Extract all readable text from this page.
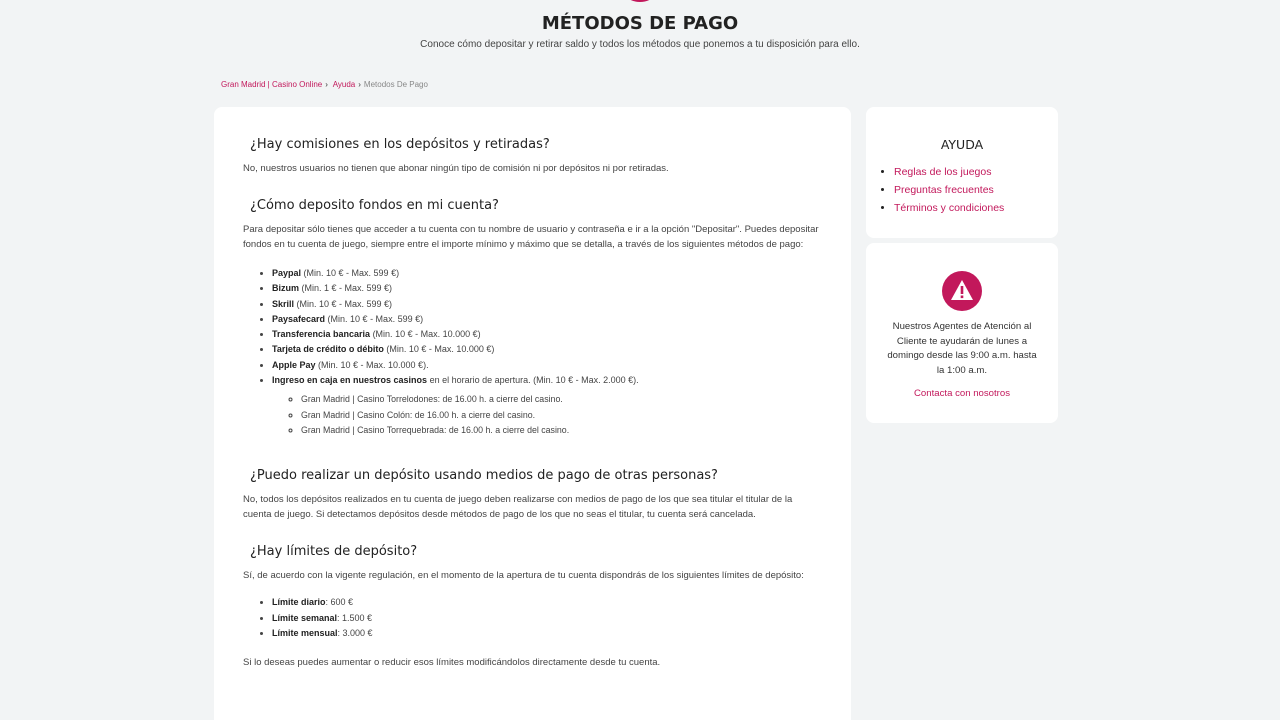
MÉTODOS DE PAGO
Conoce cómo depositar y retirar saldo y todos los métodos que ponemos a tu disposición para ello.
Gran Madrid | Casino Online › Ayuda › Metodos De Pago
¿Hay comisiones en los depósitos y retiradas?

No, nuestros usuarios no tienen que abonar ningún tipo de comisión ni por depósitos ni por retiradas.

¿Cómo deposito fondos en mi cuenta?

Para depositar sólo tienes que acceder a tu cuenta con tu nombre de usuario y contraseña e ir a la opción "Depositar". Puedes depositar fondos en tu cuenta de juego, siempre entre el importe mínimo y máximo que se detalla, a través de los siguientes métodos de pago:

• Paypal (Min. 10 € - Max. 599 €)
• Bizum (Min. 1 € - Max. 599 €)
• Skrill (Min. 10 € - Max. 599 €)
• Paysafecard (Min. 10 € - Max. 599 €)
• Transferencia bancaria (Min. 10 € - Max. 10.000 €)
• Tarjeta de crédito o débito (Min. 10 € - Max. 10.000 €)
• Apple Pay (Min. 10 € - Max. 10.000 €).
• Ingreso en caja en nuestros casinos en el horario de apertura. (Min. 10 € - Max. 2.000 €).
◦ Gran Madrid | Casino Torrelodones: de 16.00 h. a cierre del casino.
◦ Gran Madrid | Casino Colón: de 16.00 h. a cierre del casino.
◦ Gran Madrid | Casino Torrequebrada: de 16.00 h. a cierre del casino.
¿Puedo realizar un depósito usando medios de pago de otras personas?

No, todos los depósitos realizados en tu cuenta de juego deben realizarse con medios de pago de los que sea titular el titular de la cuenta de juego. Si detectamos depósitos desde métodos de pago de los que no seas el titular, tu cuenta será cancelada.

¿Hay límites de depósito?

Sí, de acuerdo con la vigente regulación, en el momento de la apertura de tu cuenta dispondrás de los siguientes límites de depósito:

• Límite diario: 600 €
• Límite semanal: 1.500 €
• Límite mensual: 3.000 €

Si lo deseas puedes aumentar o reducir esos límites modificándolos directamente desde tu cuenta.

AYUDA
• Reglas de los juegos
• Preguntas frecuentes
• Términos y condiciones
Nuestros Agentes de Atención al Cliente te ayudarán de lunes a domingo desde las 9:00 a.m. hasta la 1:00 a.m.
Contacta con nosotros
